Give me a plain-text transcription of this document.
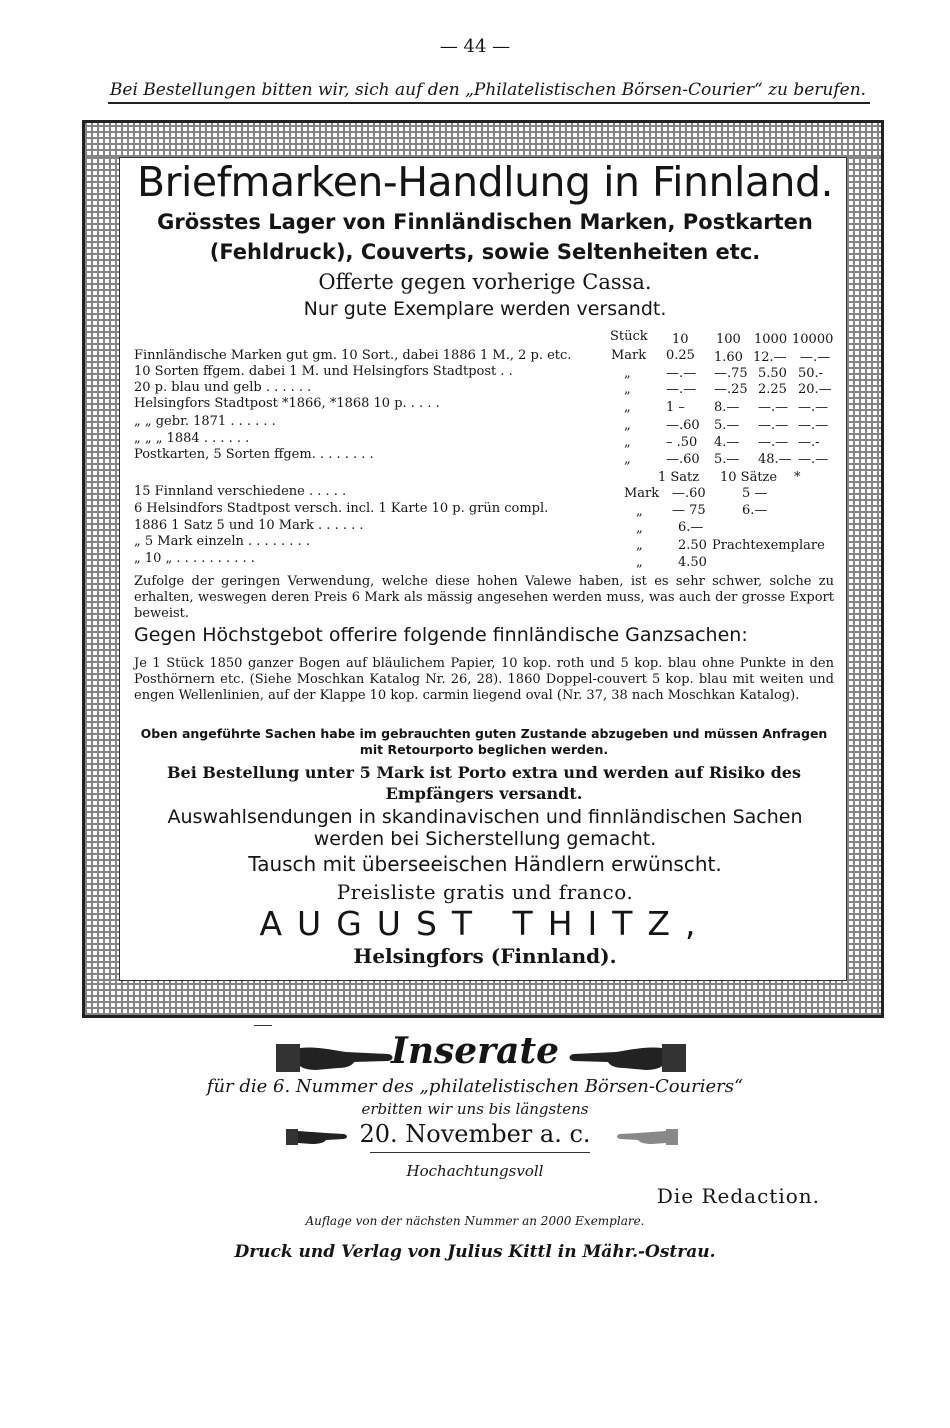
— 44 —
Bei Bestellungen bitten wir, sich auf den „Philatelistischen Börsen-Courier“ zu berufen.
Briefmarken-Handlung in Finnland.
Grösstes Lager von Finnländischen Marken, Postkarten
(Fehldruck), Couverts, sowie Seltenheiten etc.
Offerte gegen vorherige Cassa.
Nur gute Exemplare werden versandt.
Stück 10 100 1000 10000
Finnländische Marken gut gm. 10 Sort., dabei 1886 1 M., 2 p. etc.	Mark 0.25 1.60 12.— —.—
10 Sorten ffgem. dabei 1 M. und Helsingfors Stadtpost . .	„	—.— —.75 5.50 50.-
20 p. blau und gelb . . . . . .	„	—.— —.25 2.25 20.—
Helsingfors Stadtpost *1866, *1868 10 p. . . . .	„	1 – 8.— —.— —.—
„ „ gebr. 1871 . . . . . .	„	—.60 5.— —.— —.—
„ „ „ 1884 . . . . . .	„	– .50 4.— —.— —.-
Postkarten, 5 Sorten ffgem. . . . . . . .	„	—.60 5.— 48.— —.—
1 Satz 10 Sätze *
15 Finnland verschiedene . . . . .	Mark —.60	5 —
6 Helsindfors Stadtpost versch. incl. 1 Karte 10 p. grün compl.	„ — 75	6.—
1886 1 Satz 5 und 10 Mark . . . . . .	„	6.—
„ 5 Mark einzeln . . . . . . . .	„	2.50 Prachtexemplare
„ 10 „ . . . . . . . . . .	„	4.50
Zufolge der geringen Verwendung, welche diese hohen Valewe haben, ist es sehr schwer, solche zu erhalten, weswegen deren Preis 6 Mark als mässig angesehen werden muss, was auch der grosse Export beweist.
Gegen Höchstgebot offerire folgende finnländische Ganzsachen:
Je 1 Stück 1850 ganzer Bogen auf bläulichem Papier, 10 kop. roth und 5 kop. blau ohne Punkte in den Posthörnern etc. (Siehe Moschkan Katalog Nr. 26, 28). 1860 Doppel-couvert 5 kop. blau mit weiten und engen Wellenlinien, auf der Klappe 10 kop. carmin liegend oval (Nr. 37, 38 nach Moschkan Katalog).
Oben angeführte Sachen habe im gebrauchten guten Zustande abzugeben und müssen Anfragen mit Retourporto beglichen werden.
Bei Bestellung unter 5 Mark ist Porto extra und werden auf Risiko des Empfängers versandt.
Auswahlsendungen in skandinavischen und finnländischen Sachen werden bei Sicherstellung gemacht.
Tausch mit überseeischen Händlern erwünscht.
Preisliste gratis und franco.
AUGUST THITZ,
Helsingfors (Finnland).
Inserate
für die 6. Nummer des „philatelistischen Börsen-Couriers“
erbitten wir uns bis längstens
20. November a. c.
Hochachtungsvoll
Die Redaction.
Auflage von der nächsten Nummer an 2000 Exemplare.
Druck und Verlag von Julius Kittl in Mähr.-Ostrau.
